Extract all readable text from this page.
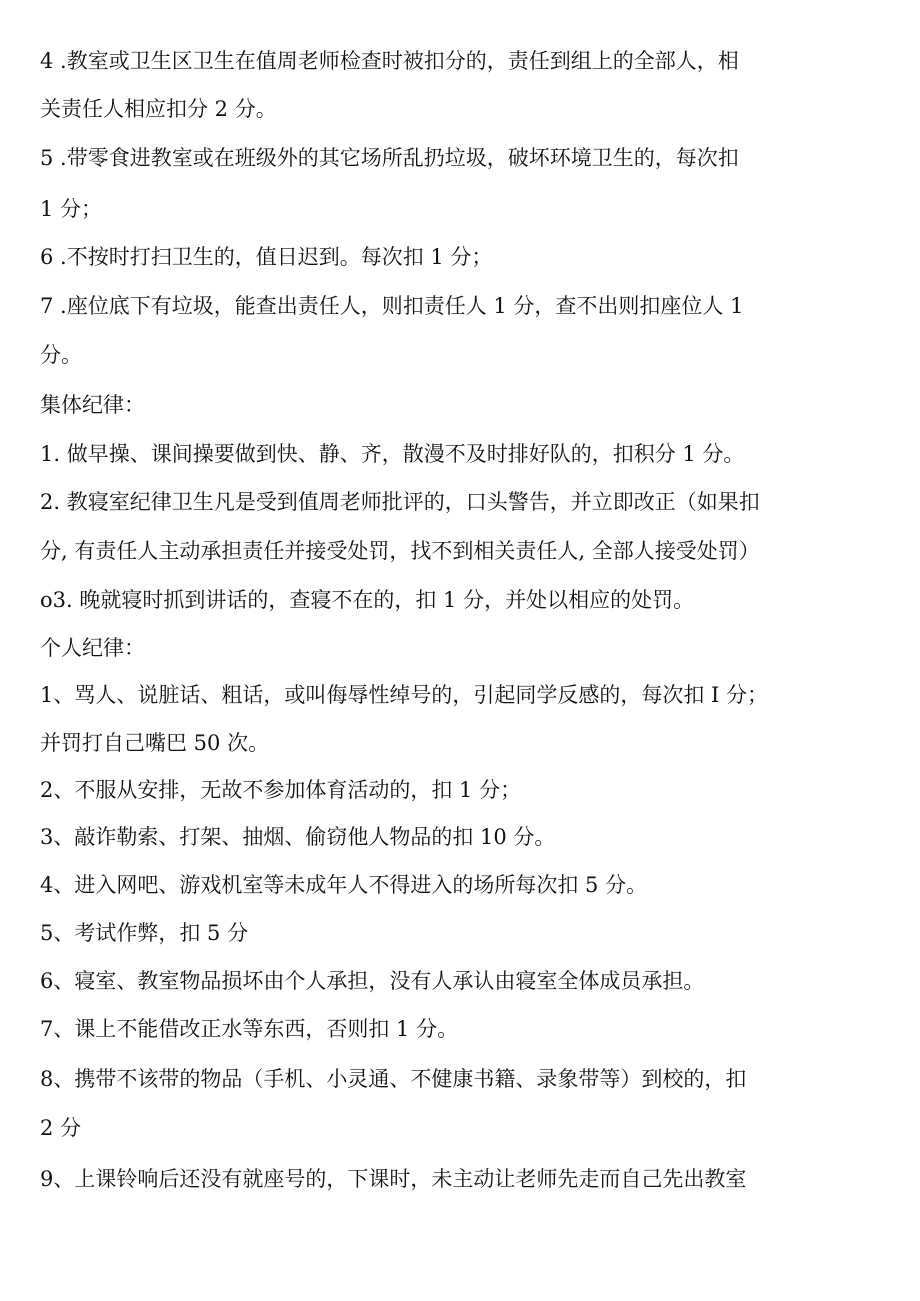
4 .教室或卫生区卫生在值周老师检查时被扣分的，责任到组上的全部人，相
关责任人相应扣分 2 分。
5 .带零食进教室或在班级外的其它场所乱扔垃圾，破坏环境卫生的，每次扣
1 分；
6 .不按时打扫卫生的，值日迟到。每次扣 1 分；
7 .座位底下有垃圾，能查出责任人，则扣责任人 1 分，查不出则扣座位人 1
分。
集体纪律：
1. 做早操、课间操要做到快、静、齐，散漫不及时排好队的，扣积分 1 分。
2. 教寝室纪律卫生凡是受到值周老师批评的，口头警告，并立即改正（如果扣
分, 有责任人主动承担责任并接受处罚，找不到相关责任人, 全部人接受处罚）
o3. 晚就寝时抓到讲话的，查寝不在的，扣 1 分，并处以相应的处罚。
个人纪律：
1、骂人、说脏话、粗话，或叫侮辱性绰号的，引起同学反感的，每次扣 I 分；
并罚打自己嘴巴 50 次。
2、不服从安排，无故不参加体育活动的，扣 1 分；
3、敲诈勒索、打架、抽烟、偷窃他人物品的扣 10 分。
4、进入网吧、游戏机室等未成年人不得进入的场所每次扣 5 分。
5、考试作弊，扣 5 分
6、寝室、教室物品损坏由个人承担，没有人承认由寝室全体成员承担。
7、课上不能借改正水等东西，否则扣 1 分。
8、携带不该带的物品（手机、小灵通、不健康书籍、录象带等）到校的，扣
2 分
9、上课铃响后还没有就座号的，下课时，未主动让老师先走而自己先出教室
